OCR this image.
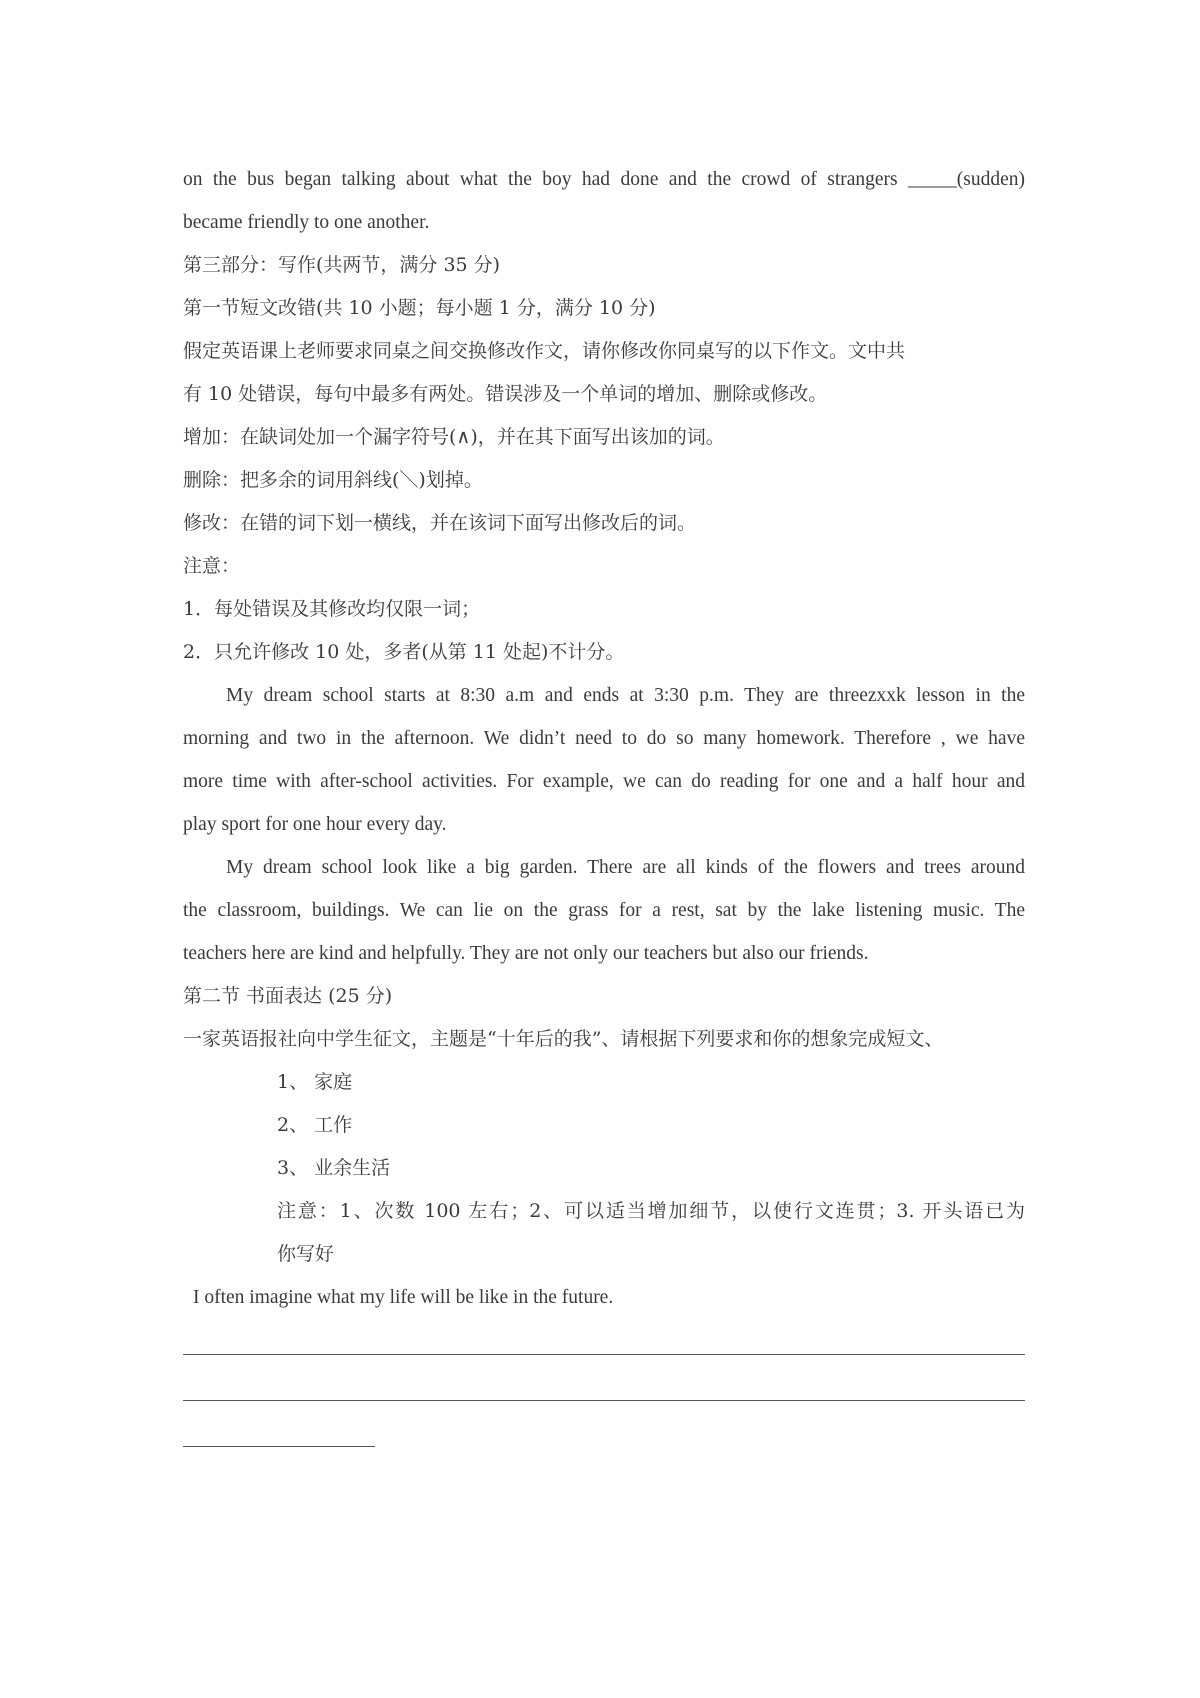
on the bus began talking about what the boy had done and the crowd of strangers _____(sudden)
became friendly to one another.
第三部分：写作(共两节，满分 35 分)
第一节短文改错(共 10 小题；每小题 1 分，满分 10 分)
假定英语课上老师要求同桌之间交换修改作文，请你修改你同桌写的以下作文。文中共
有 10 处错误，每句中最多有两处。错误涉及一个单词的增加、删除或修改。
增加：在缺词处加一个漏字符号(∧)，并在其下面写出该加的词。
删除：把多余的词用斜线(＼)划掉。
修改：在错的词下划一横线，并在该词下面写出修改后的词。
注意：
1．每处错误及其修改均仅限一词；
2．只允许修改 10 处，多者(从第 11 处起)不计分。
My dream school starts at 8:30 a.m and ends at 3:30 p.m. They are threezxxk lesson in the
morning and two in the afternoon. We didn’t need to do so many homework. Therefore , we have
more time with after-school activities. For example, we can do reading for one and a half hour and
play sport for one hour every day.
My dream school look like a big garden. There are all kinds of the flowers and trees around
the classroom, buildings. We can lie on the grass for a rest, sat by the lake listening music. The
teachers here are kind and helpfully. They are not only our teachers but also our friends.
第二节 书面表达 (25 分)
一家英语报社向中学生征文，主题是“十年后的我”、请根据下列要求和你的想象完成短文、
1、 家庭
2、 工作
3、 业余生活
注意：1、次数 100 左右；2、可以适当增加细节，以使行文连贯；3. 开头语已为
你写好
I often imagine what my life will be like in the future.
